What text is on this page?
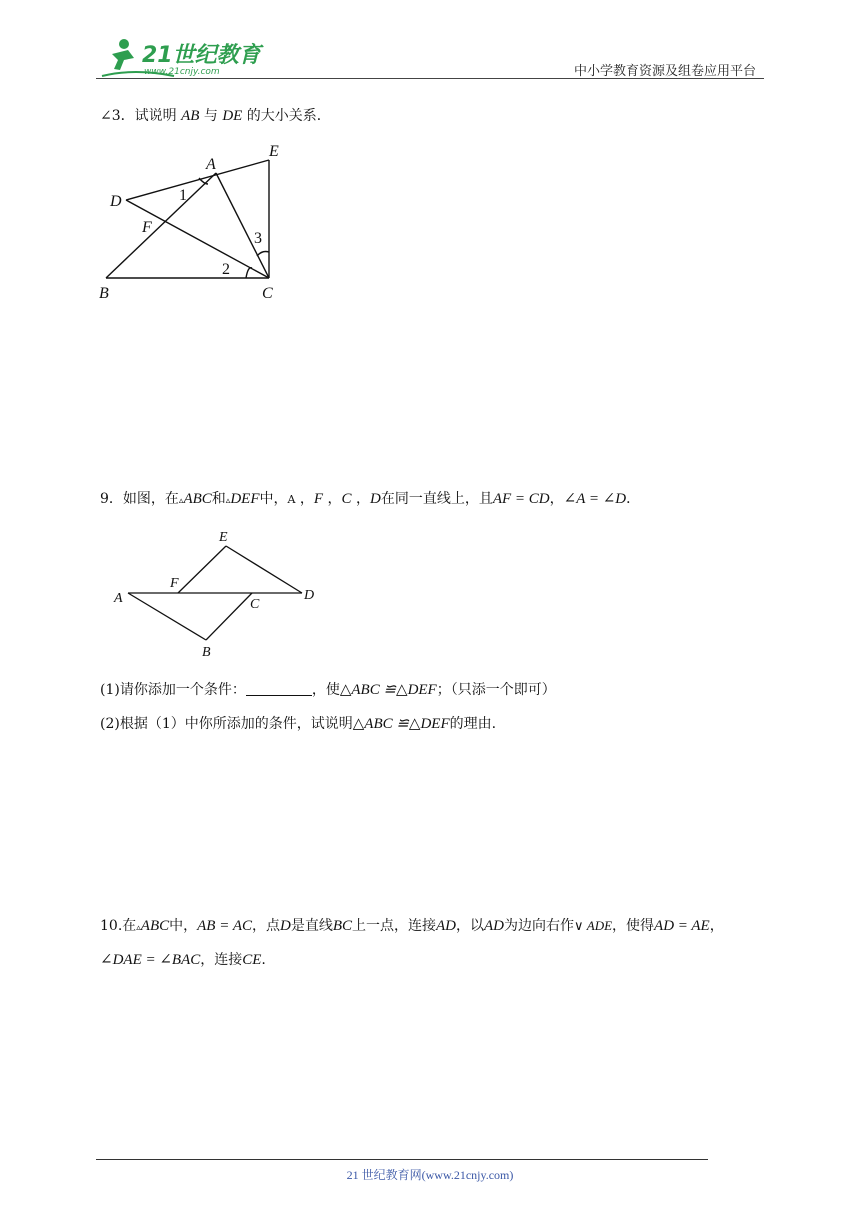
21世纪教育
www.21cnjy.com	中小学教育资源及组卷应用平台
∠3．试说明 AB 与 DE 的大小关系．
A
E
D	1
F
3
2
B	C
9．如图，在▵ABC和▵DEF中，A ，F ，C ，D在同一直线上，且AF = CD，∠A = ∠D．
E
F
A	C
D
B
(1)请你添加一个条件：	，使△ABC ≌△DEF；（只添一个即可）
(2)根据（1）中你所添加的条件，试说明△ABC ≌△DEF的理由.
10.在▵ABC中，AB = AC，点D是直线BC上一点，连接AD，以AD为边向右作∨ ADE，使得AD = AE，
∠DAE = ∠BAC，连接CE.
21 世纪教育网(www.21cnjy.com)
